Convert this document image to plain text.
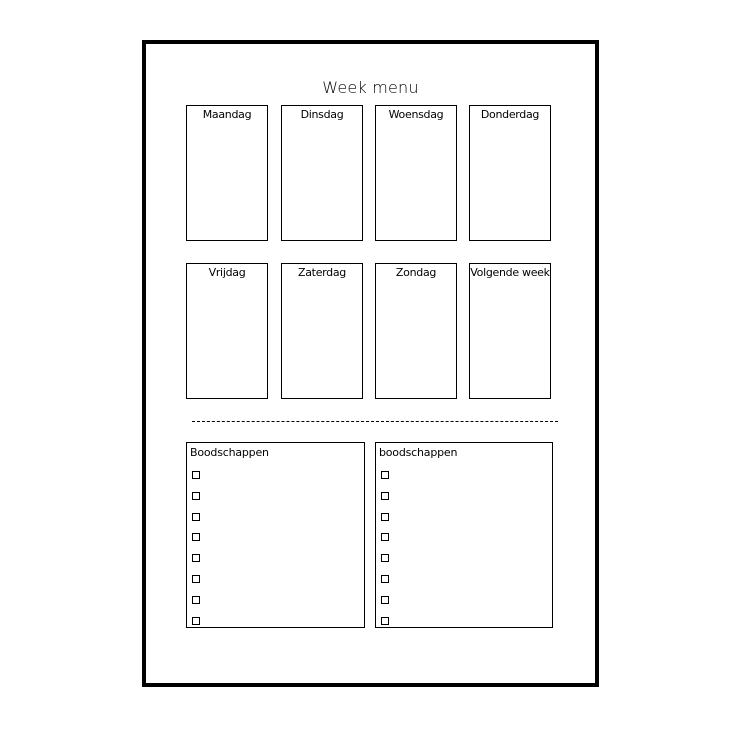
Week menu
Maandag	Dinsdag	Woensdag	Donderdag
Vrijdag	Zaterdag	Zondag	Volgende week
Boodschappen	boodschappen
